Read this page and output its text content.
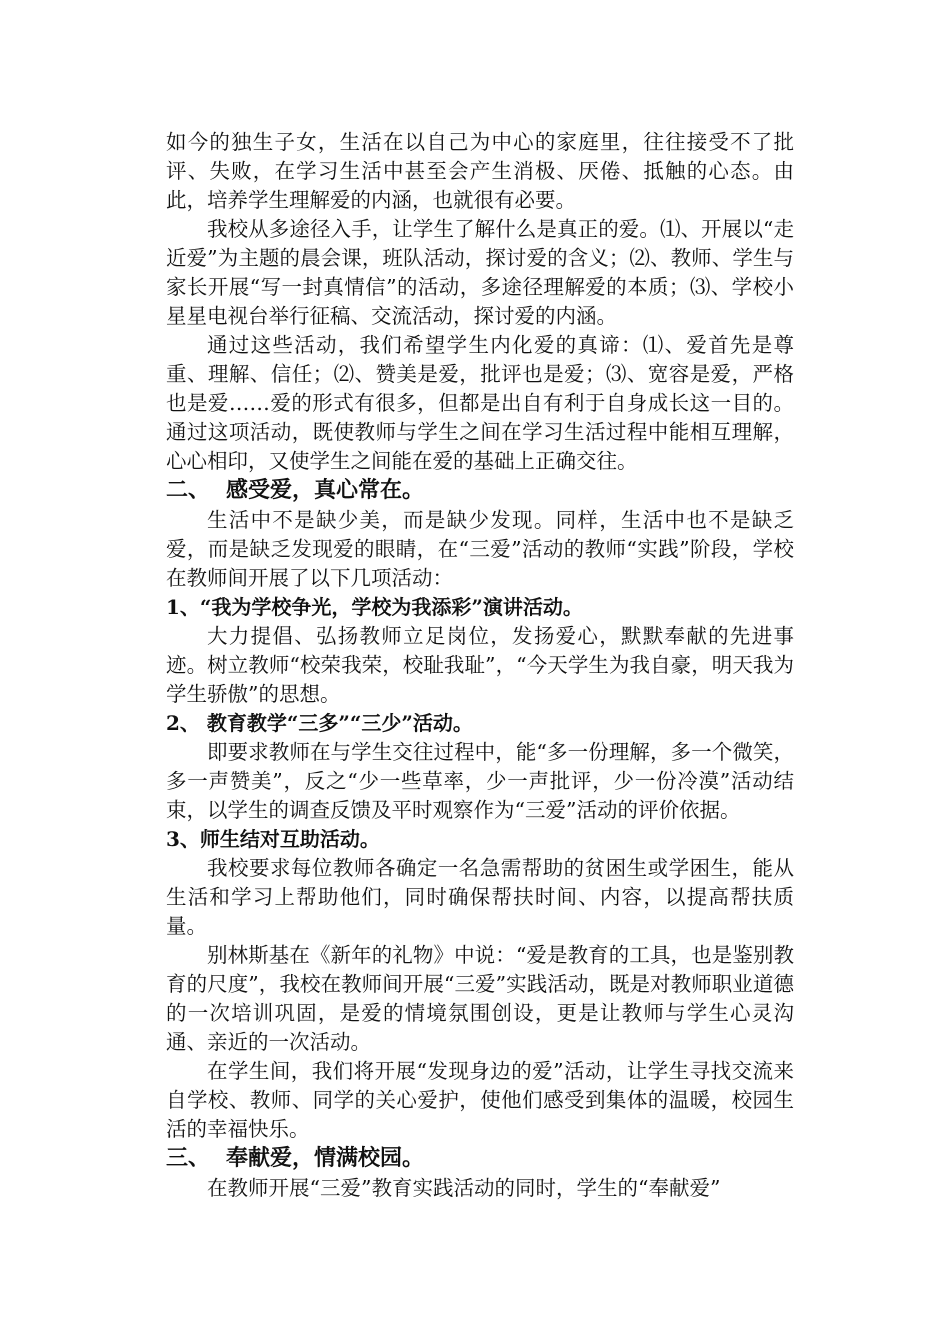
如今的独生子女，生活在以自己为中心的家庭里，往往接受不了批评、失败，在学习生活中甚至会产生消极、厌倦、抵触的心态。由此，培养学生理解爱的内涵，也就很有必要。

我校从多途径入手，让学生了解什么是真正的爱。⑴、开展以“走近爱”为主题的晨会课，班队活动，探讨爱的含义；⑵、教师、学生与家长开展“写一封真情信”的活动，多途径理解爱的本质；⑶、学校小星星电视台举行征稿、交流活动，探讨爱的内涵。

通过这些活动，我们希望学生内化爱的真谛：⑴、爱首先是尊重、理解、信任；⑵、赞美是爱，批评也是爱；⑶、宽容是爱，严格也是爱……爱的形式有很多，但都是出自有利于自身成长这一目的。通过这项活动，既使教师与学生之间在学习生活过程中能相互理解，心心相印，又使学生之间能在爱的基础上正确交往。

二、 感受爱，真心常在。

生活中不是缺少美，而是缺少发现。同样，生活中也不是缺乏爱，而是缺乏发现爱的眼睛，在“三爱”活动的教师“实践”阶段，学校在教师间开展了以下几项活动：

1、“我为学校争光，学校为我添彩”演讲活动。

大力提倡、弘扬教师立足岗位，发扬爱心，默默奉献的先进事迹。树立教师“校荣我荣，校耻我耻”，“今天学生为我自豪，明天我为学生骄傲”的思想。

2、 教育教学“三多”“三少”活动。

即要求教师在与学生交往过程中，能“多一份理解，多一个微笑，多一声赞美”，反之“少一些草率，少一声批评，少一份冷漠”活动结束，以学生的调查反馈及平时观察作为“三爱”活动的评价依据。

3、师生结对互助活动。

我校要求每位教师各确定一名急需帮助的贫困生或学困生，能从生活和学习上帮助他们，同时确保帮扶时间、内容，以提高帮扶质量。

别林斯基在《新年的礼物》中说：“爱是教育的工具，也是鉴别教育的尺度”，我校在教师间开展“三爱”实践活动，既是对教师职业道德的一次培训巩固，是爱的情境氛围创设，更是让教师与学生心灵沟通、亲近的一次活动。

在学生间，我们将开展“发现身边的爱”活动，让学生寻找交流来自学校、教师、同学的关心爱护，使他们感受到集体的温暖，校园生活的幸福快乐。

三、 奉献爱，情满校园。

在教师开展“三爱”教育实践活动的同时，学生的“奉献爱”
